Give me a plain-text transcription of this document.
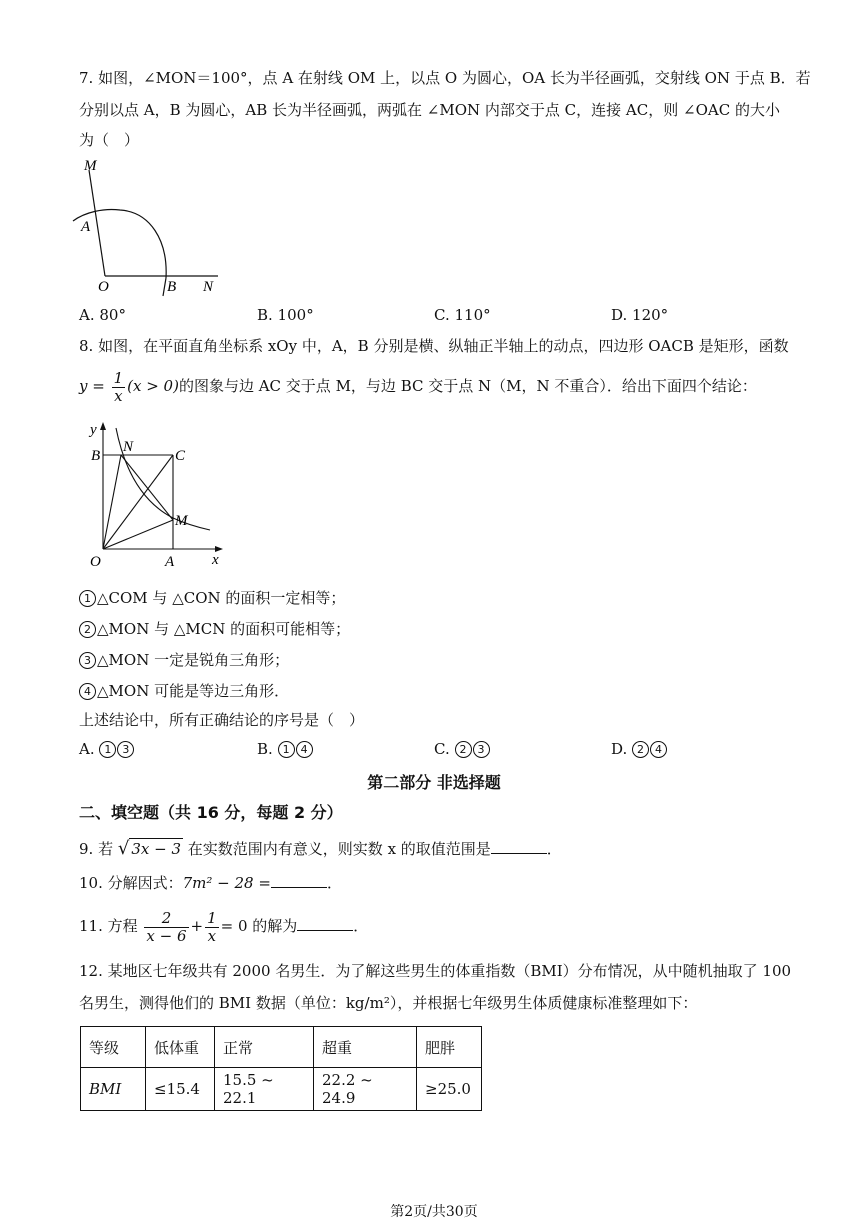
7. 如图，∠MON＝100°，点 A 在射线 OM 上，以点 O 为圆心，OA 长为半径画弧，交射线 ON 于点 B．若
分别以点 A，B 为圆心，AB 长为半径画弧，两弧在 ∠MON 内部交于点 C，连接 AC，则 ∠OAC 的大小
为（　）
M
A
O	B N
A. 80°	B. 100°	C. 110°	D. 120°
8. 如图，在平面直角坐标系 xOy 中，A，B 分别是横、纵轴正半轴上的动点，四边形 OACB 是矩形，函数
$y = \frac{1}{x} (x > 0)$的图象与边 AC 交于点 M，与边 BC 交于点 N（M，N 不重合）．给出下面四个结论：
y
x
O	A
B	C
N
M
1 △COM 与 △CON 的面积一定相等；
2 △MON 与 △MCN 的面积可能相等；
3 △MON 一定是锐角三角形；
4 △MON 可能是等边三角形．
上述结论中，所有正确结论的序号是（　）
A. 1 3	B. 1 4	C. 2 3	D. 2 4
第二部分 非选择题
二、填空题（共 16 分，每题 2 分）
9. 若 √ 3x − 3 在实数范围内有意义，则实数 x 的取值范围是	．
10. 分解因式：7m² − 28 =	．
11. 方程 $\frac{2}{x - 6} + \frac{1}{x} = 0$ 的解为	．
12. 某地区七年级共有 2000 名男生．为了解这些男生的体重指数（BMI）分布情况，从中随机抽取了 100
名男生，测得他们的 BMI 数据（单位：kg/m²），并根据七年级男生体质健康标准整理如下：
等级	低体重	正常	超重	肥胖
BMI	≤15.4	15.5 ~ 22.1	22.2 ~ 24.9	≥25.0
第2页/共30页
